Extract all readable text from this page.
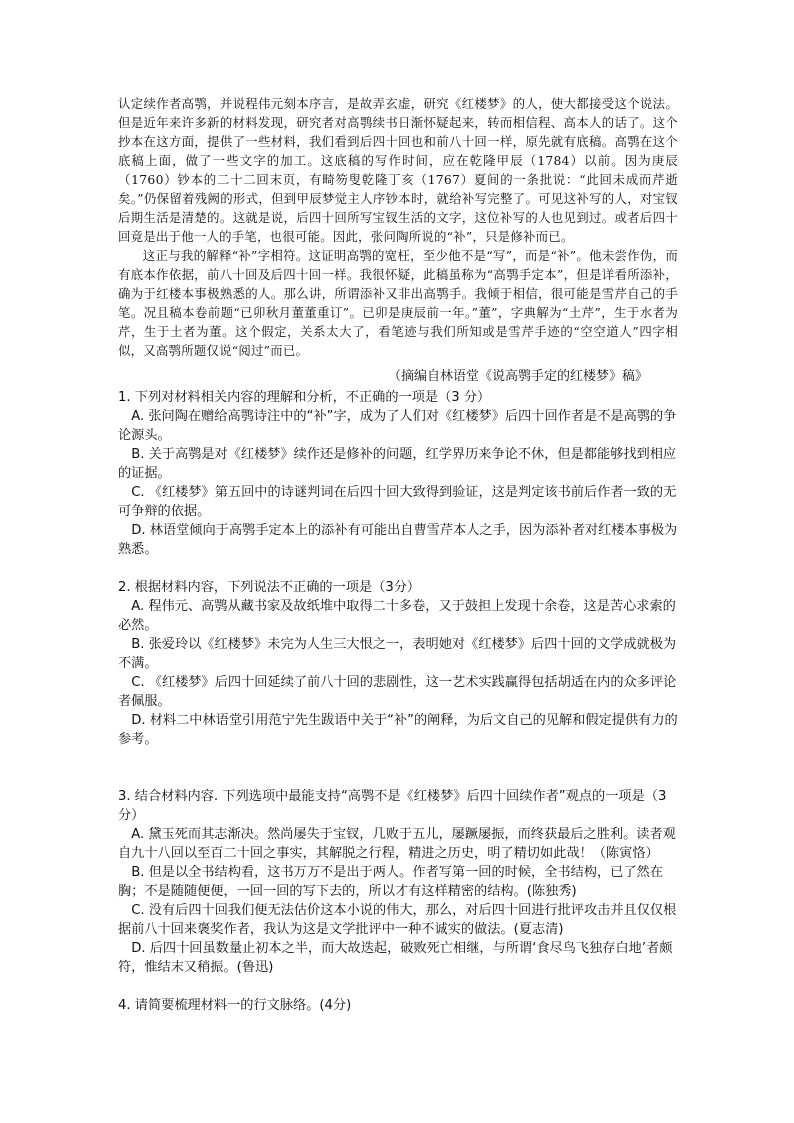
认定续作者高鹗，并说程伟元刻本序言，是故弄玄虚，研究《红楼梦》的人，使大都接受这个说法。但是近年来许多新的材料发现，研究者对高鹗续书日渐怀疑起来，转而相信程、高本人的话了。这个抄本在这方面，提供了一些材料，我们看到后四十回也和前八十回一样，原先就有底稿。高鹗在这个底稿上面，做了一些文字的加工。这底稿的写作时间，应在乾隆甲辰（1784）以前。因为庚辰（1760）钞本的二十二回末页，有畸笏叟乾隆丁亥（1767）夏间的一条批说：“此回未成而芹逝矣。”仍保留着残阙的形式，但到甲辰梦觉主人序钞本时，就给补写完整了。可见这补写的人，对宝钗后期生活是清楚的。这就是说，后四十回所写宝钗生活的文字，这位补写的人也见到过。或者后四十回竟是出于他一人的手笔，也很可能。因此，张问陶所说的“补”，只是修补而已。

这正与我的解释“补”字相符。这证明高鹗的宽枉，至少他不是“写”，而是“补”。他未尝作伪，而有底本作依据，前八十回及后四十回一样。我很怀疑，此稿虽称为“高鹗手定本”，但是详看所添补，确为于红楼本事极熟悉的人。那么讲，所谓添补又非出高鹗手。我倾于相信，很可能是雪芹自己的手笔。况且稿本卷前题“已卯秋月董董重订”。已卯是庚辰前一年。”董”，字典解为“土芹”，生于水者为芹，生于土者为董。这个假定，关系太大了，看笔迹与我们所知或是雪芹手迹的“空空道人”四字相似，又高鹗所题仅说“阅过”而已。

（摘编自林语堂《说高鹗手定的红楼梦》稿》

1. 下列对材料相关内容的理解和分析，不正确的一项是（3 分）

A. 张问陶在赠给高鹗诗注中的“补”字，成为了人们对《红楼梦》后四十回作者是不是高鹗的争论源头。

B. 关于高鹗是对《红楼梦》续作还是修补的问题，红学界历来争论不休，但是都能够找到相应的证据。

C. 《红楼梦》第五回中的诗谜判词在后四十回大致得到验证，这是判定该书前后作者一致的无可争辩的依据。

D. 林语堂倾向于高鹗手定本上的添补有可能出自曹雪芹本人之手，因为添补者对红楼本事极为熟悉。

2. 根据材料内容，下列说法不正确的一项是（3分）

A. 程伟元、高鹗从藏书家及故纸堆中取得二十多卷，又于鼓担上发现十余卷，这是苦心求索的必然。

B. 张爱玲以《红楼梦》未完为人生三大恨之一，表明她对《红楼梦》后四十回的文学成就极为不满。

C. 《红楼梦》后四十回延续了前八十回的悲剧性，这一艺术实践赢得包括胡适在内的众多评论者佩服。

D. 材料二中林语堂引用范宁先生跋语中关于“补”的阐释，为后文自己的见解和假定提供有力的参考。

3. 结合材料内容. 下列选项中最能支持“高鹗不是《红楼梦》后四十回续作者”观点的一项是（3分）

A. 黛玉死而其志渐决。然尚屡失于宝钗，几败于五儿，屡蹶屡振，而终获最后之胜利。读者观自九十八回以至百二十回之事实，其解脱之行程，精进之历史，明了精切如此哉！（陈寅恪）

B. 但是以全书结构看，这书万万不是出于两人。作者写第一回的时候，全书结构，已了然在胸；不是随随便便，一回一回的写下去的，所以才有这样精密的结构。(陈独秀)

C. 没有后四十回我们便无法估价这本小说的伟大，那么，对后四十回进行批评攻击并且仅仅根据前八十回来褒奖作者，我认为这是文学批评中一种不诚实的做法。(夏志清)

D. 后四十回虽数量止初本之半，而大故迭起，破败死亡相继，与所谓‘食尽鸟飞独存白地’者颇符，惟结末又稍振。(鲁迅)

4. 请简要梳理材料一的行文脉络。(4分)
